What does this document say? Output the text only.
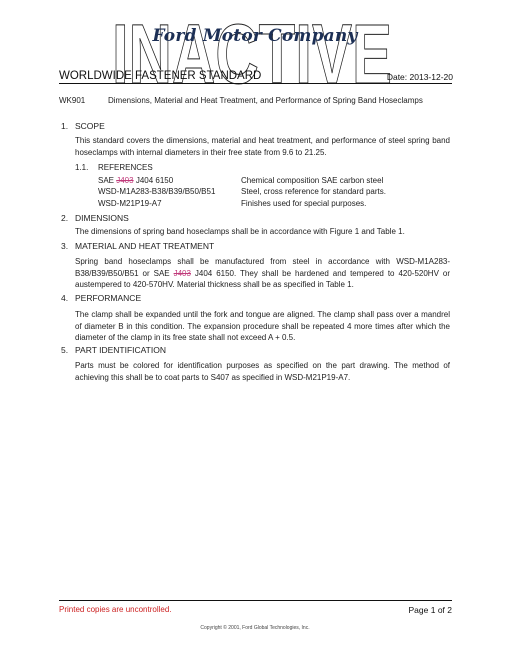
INACTIVE
Ford Motor Company
WORLDWIDE FASTENER STANDARD	Date: 2013-12-20
WK901	Dimensions, Material and Heat Treatment, and Performance of Spring Band Hoseclamps
1. SCOPE
This standard covers the dimensions, material and heat treatment, and performance of steel spring band hoseclamps with internal diameters in their free state from 9.6 to 21.25.
1.1. REFERENCES
SAE J403 J404 6150	Chemical composition SAE carbon steel
WSD-M1A283-B38/B39/B50/B51	Steel, cross reference for standard parts.
WSD-M21P19-A7	Finishes used for special purposes.
2. DIMENSIONS
The dimensions of spring band hoseclamps shall be in accordance with Figure 1 and Table 1.
3. MATERIAL AND HEAT TREATMENT
Spring band hoseclamps shall be manufactured from steel in accordance with WSD-M1A283-B38/B39/B50/B51 or SAE J403 J404 6150. They shall be hardened and tempered to 420-520HV or austempered to 420-570HV. Material thickness shall be as specified in Table 1.
4. PERFORMANCE
The clamp shall be expanded until the fork and tongue are aligned. The clamp shall pass over a mandrel of diameter B in this condition. The expansion procedure shall be repeated 4 more times after which the diameter of the clamp in its free state shall not exceed A + 0.5.
5. PART IDENTIFICATION
Parts must be colored for identification purposes as specified on the part drawing. The method of achieving this shall be to coat parts to S407 as specified in WSD-M21P19-A7.
Printed copies are uncontrolled.	Page 1 of 2
Copyright © 2001, Ford Global Technologies, Inc.
